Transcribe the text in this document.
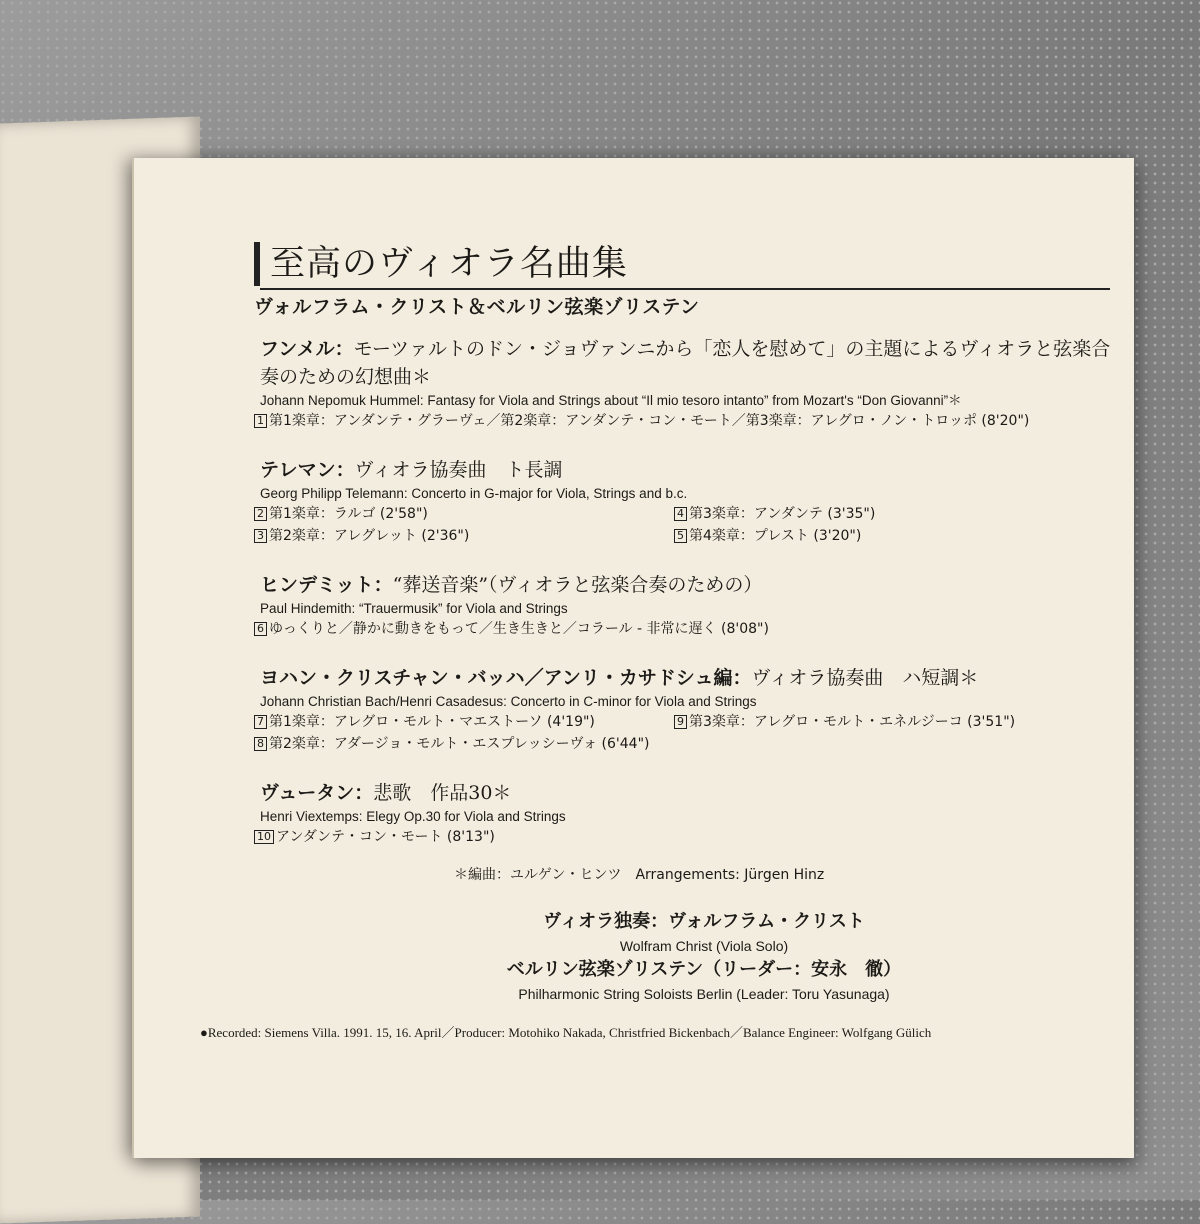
至高のヴィオラ名曲集
ヴォルフラム・クリスト＆ベルリン弦楽ゾリステン
フンメル：モーツァルトのドン・ジョヴァンニから「恋人を慰めて」の主題によるヴィオラと弦楽合奏のための幻想曲＊
Johann Nepomuk Hummel: Fantasy for Viola and Strings about “Il mio tesoro intanto” from Mozart's “Don Giovanni”＊
1 第1楽章：アンダンテ・グラーヴェ／第2楽章：アンダンテ・コン・モート／第3楽章：アレグロ・ノン・トロッポ (8'20")
テレマン：ヴィオラ協奏曲　ト長調
Georg Philipp Telemann: Concerto in G-major for Viola, Strings and b.c.
2 第1楽章：ラルゴ (2'58")
3 第2楽章：アレグレット (2'36")
4 第3楽章：アンダンテ (3'35")
5 第4楽章：プレスト (3'20")
ヒンデミット：“葬送音楽”（ヴィオラと弦楽合奏のための）
Paul Hindemith: “Trauermusik” for Viola and Strings
6 ゆっくりと／静かに動きをもって／生き生きと／コラール - 非常に遅く (8'08")
ヨハン・クリスチャン・バッハ／アンリ・カサドシュ編：ヴィオラ協奏曲　ハ短調＊
Johann Christian Bach/Henri Casadesus: Concerto in C-minor for Viola and Strings
7 第1楽章：アレグロ・モルト・マエストーソ (4'19")
8 第2楽章：アダージョ・モルト・エスプレッシーヴォ (6'44")
9 第3楽章：アレグロ・モルト・エネルジーコ (3'51")
ヴュータン：悲歌　作品30＊
Henri Viextemps: Elegy Op.30 for Viola and Strings
10 アンダンテ・コン・モート (8'13")
＊編曲：ユルゲン・ヒンツ　Arrangements: Jürgen Hinz
ヴィオラ独奏：ヴォルフラム・クリスト
Wolfram Christ (Viola Solo)
ベルリン弦楽ゾリステン（リーダー：安永　徹）
Philharmonic String Soloists Berlin (Leader: Toru Yasunaga)
●Recorded: Siemens Villa. 1991. 15, 16. April／Producer: Motohiko Nakada, Christfried Bickenbach／Balance Engineer: Wolfgang Gülich
